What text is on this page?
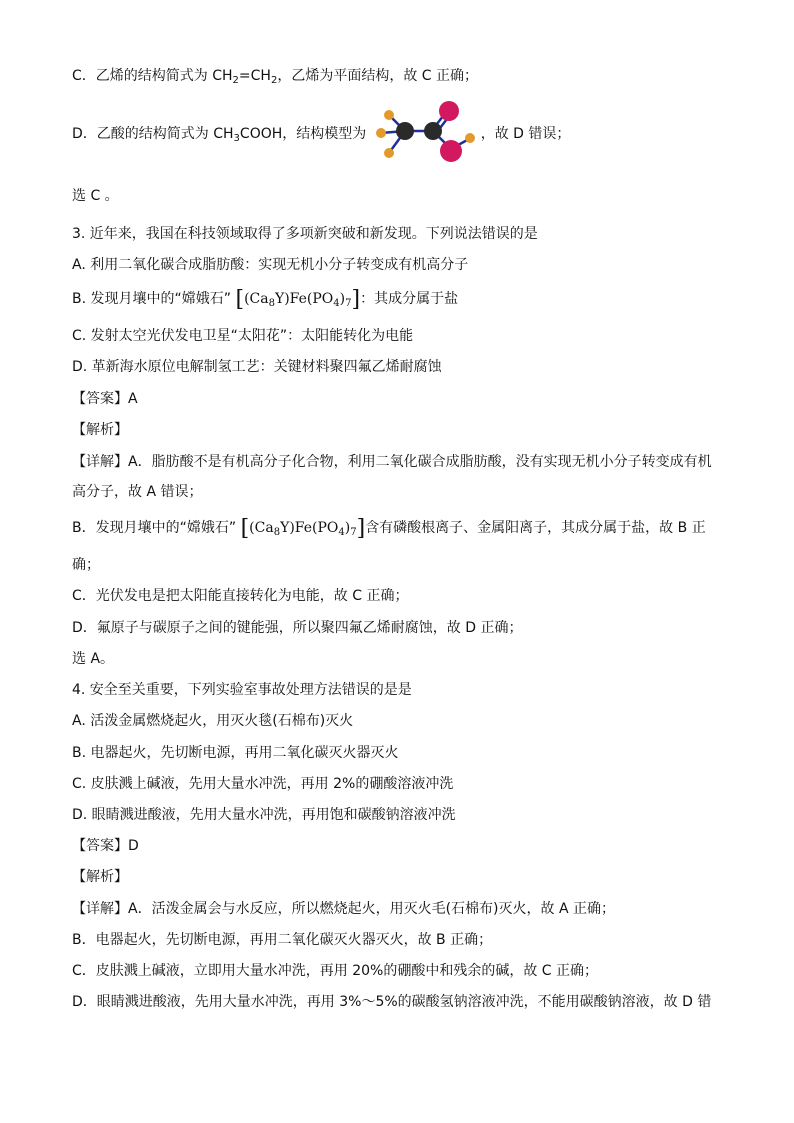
C．乙烯的结构简式为 $CH_2=CH_2$，乙烯为平面结构，故 C 正确；
D．乙酸的结构简式为 $CH_3COOH$，结构模型为	，故 D 错误；
选 C 。
3. 近年来，我国在科技领域取得了多项新突破和新发现。下列说法错误的是
A. 利用二氧化碳合成脂肪酸：实现无机小分子转变成有机高分子
B. 发现月壤中的“嫦娥石” $[(Ca_8Y)Fe(PO_4)_7]$：其成分属于盐
C. 发射太空光伏发电卫星“太阳花”：太阳能转化为电能
D. 革新海水原位电解制氢工艺：关键材料聚四氟乙烯耐腐蚀
【答案】A
【解析】
【详解】A．脂肪酸不是有机高分子化合物，利用二氧化碳合成脂肪酸，没有实现无机小分子转变成有机
高分子，故 A 错误；
B．发现月壤中的“嫦娥石” $[(Ca_8Y)Fe(PO_4)_7]$含有磷酸根离子、金属阳离子，其成分属于盐，故 B 正
确；
C．光伏发电是把太阳能直接转化为电能，故 C 正确；
D．氟原子与碳原子之间的键能强，所以聚四氟乙烯耐腐蚀，故 D 正确；
选 A。
4. 安全至关重要，下列实验室事故处理方法错误的是是
A. 活泼金属燃烧起火，用灭火毯(石棉布)灭火
B. 电器起火，先切断电源，再用二氧化碳灭火器灭火
C. 皮肤溅上碱液，先用大量水冲洗，再用 2%的硼酸溶液冲洗
D. 眼睛溅进酸液，先用大量水冲洗，再用饱和碳酸钠溶液冲洗
【答案】D
【解析】
【详解】A．活泼金属会与水反应，所以燃烧起火，用灭火毛(石棉布)灭火，故 A 正确；
B．电器起火，先切断电源，再用二氧化碳灭火器灭火，故 B 正确；
C．皮肤溅上碱液，立即用大量水冲洗，再用 20%的硼酸中和残余的碱，故 C 正确；
D．眼睛溅进酸液，先用大量水冲洗，再用 3%～5%的碳酸氢钠溶液冲洗，不能用碳酸钠溶液，故 D 错
